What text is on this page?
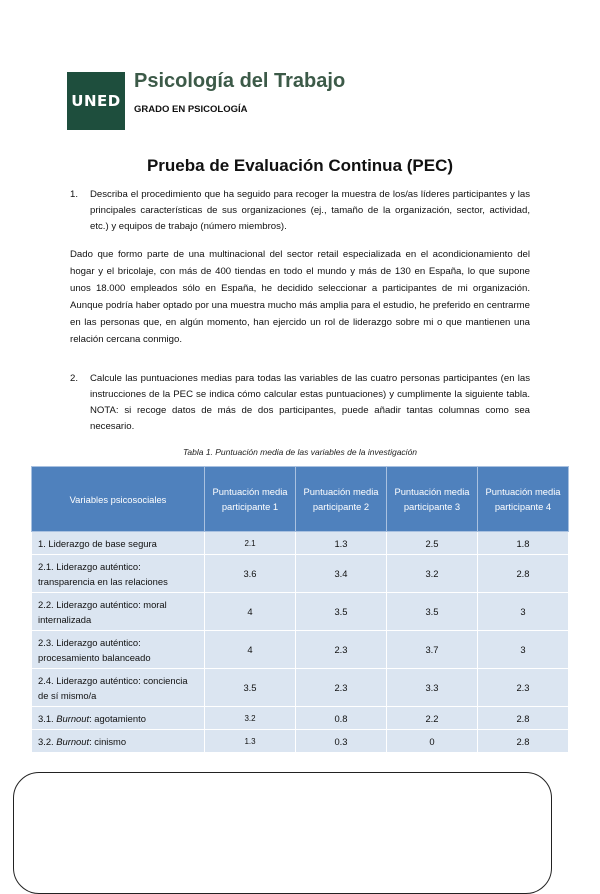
UNED
Psicología del Trabajo
GRADO EN PSICOLOGÍA
Prueba de Evaluación Continua (PEC)
1. Describa el procedimiento que ha seguido para recoger la muestra de los/as líderes participantes y las principales características de sus organizaciones (ej., tamaño de la organización, sector, actividad, etc.) y equipos de trabajo (número miembros).
Dado que formo parte de una multinacional del sector retail especializada en el acondicionamiento del hogar y el bricolaje, con más de 400 tiendas en todo el mundo y más de 130 en España, lo que supone unos 18.000 empleados sólo en España, he decidido seleccionar a participantes de mi organización. Aunque podría haber optado por una muestra mucho más amplia para el estudio, he preferido en centrarme en las personas que, en algún momento, han ejercido un rol de liderazgo sobre mi o que mantienen una relación cercana conmigo.
2. Calcule las puntuaciones medias para todas las variables de las cuatro personas participantes (en las instrucciones de la PEC se indica cómo calcular estas puntuaciones) y cumplimente la siguiente tabla. NOTA: si recoge datos de más de dos participantes, puede añadir tantas columnas como sea necesario.
Tabla 1. Puntuación media de las variables de la investigación
Variables psicosociales	Puntuación media participante 1	Puntuación media participante 2	Puntuación media participante 3	Puntuación media participante 4
1. Liderazgo de base segura	2.1	1.3	2.5	1.8
2.1. Liderazgo auténtico: transparencia en las relaciones	3.6	3.4	3.2	2.8
2.2. Liderazgo auténtico: moral internalizada	4	3.5	3.5	3
2.3. Liderazgo auténtico: procesamiento balanceado	4	2.3	3.7	3
2.4. Liderazgo auténtico: conciencia de sí mismo/a	3.5	2.3	3.3	2.3
3.1. Burnout: agotamiento	3.2	0.8	2.2	2.8
3.2. Burnout: cinismo	1.3	0.3	0	2.8
